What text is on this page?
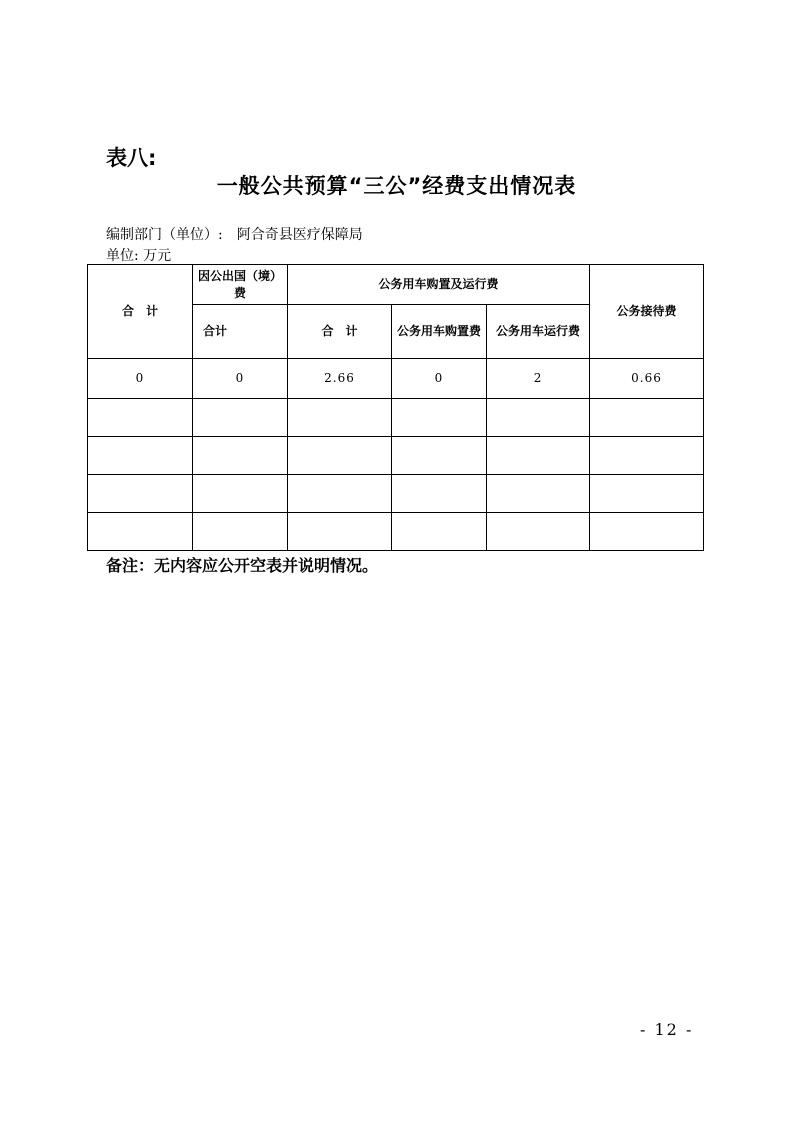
表八:
一般公共预算“三公”经费支出情况表
编制部门（单位）: 阿合奇县医疗保障局
单位: 万元
合　计	因公出国（境）费	公务用车购置及运行费			公务接待费
	合计	合　计	公务用车购置费	公务用车运行费	
0	0	2.66	0	2	0.66

备注：无内容应公开空表并说明情况。
- 12 -
